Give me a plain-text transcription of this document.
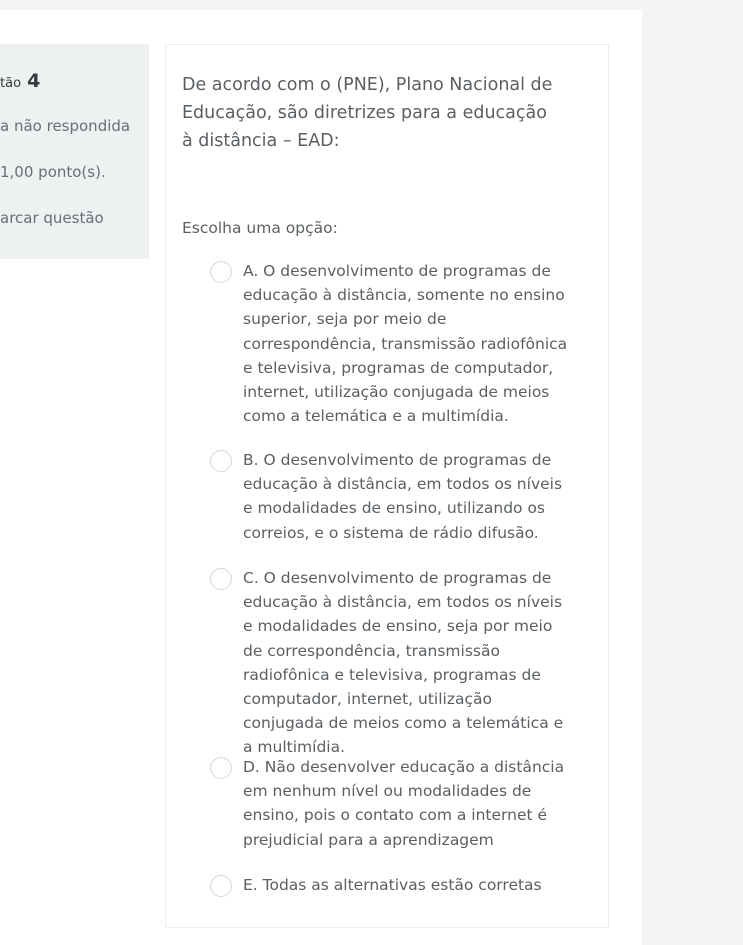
tão 4
a não respondida
1,00 ponto(s).
arcar questão
De acordo com o (PNE), Plano Nacional de Educação, são diretrizes para a educação à distância – EAD:
Escolha uma opção:
A. O desenvolvimento de programas de educação à distância, somente no ensino superior, seja por meio de correspondência, transmissão radiofônica e televisiva, programas de computador, internet, utilização conjugada de meios como a telemática e a multimídia.
B. O desenvolvimento de programas de educação à distância, em todos os níveis e modalidades de ensino, utilizando os correios, e o sistema de rádio difusão.
C. O desenvolvimento de programas de educação à distância, em todos os níveis e modalidades de ensino, seja por meio de correspondência, transmissão radiofônica e televisiva, programas de computador, internet, utilização conjugada de meios como a telemática e a multimídia.
D. Não desenvolver educação a distância em nenhum nível ou modalidades de ensino, pois o contato com a internet é prejudicial para a aprendizagem
E. Todas as alternativas estão corretas
